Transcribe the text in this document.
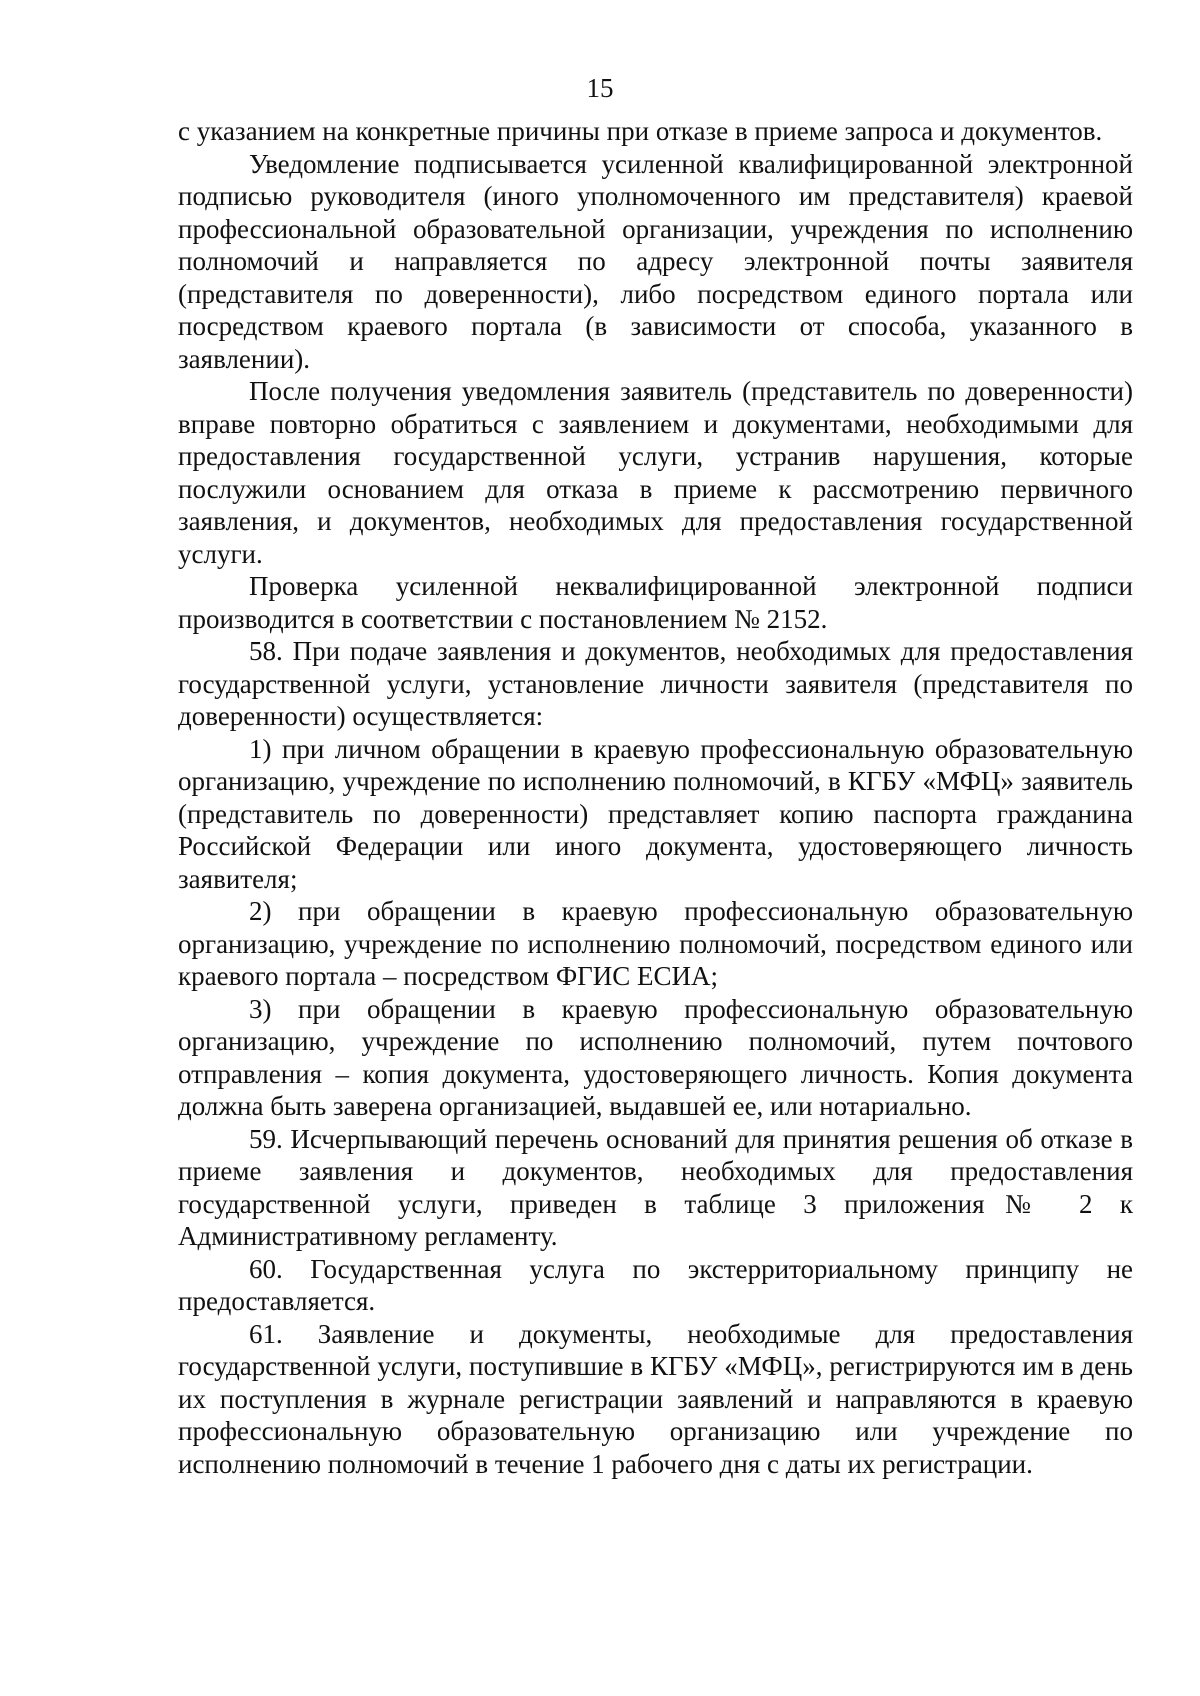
15

с указанием на конкретные причины при отказе в приеме запроса и документов.

Уведомление подписывается усиленной квалифицированной электронной подписью руководителя (иного уполномоченного им представителя) краевой профессиональной образовательной организации, учреждения по исполнению полномочий и направляется по адресу электронной почты заявителя (представителя по доверенности), либо посредством единого портала или посредством краевого портала (в зависимости от способа, указанного в заявлении).

После получения уведомления заявитель (представитель по доверенности) вправе повторно обратиться с заявлением и документами, необходимыми для предоставления государственной услуги, устранив нарушения, которые послужили основанием для отказа в приеме к рассмотрению первичного заявления, и документов, необходимых для предоставления государственной услуги.

Проверка усиленной неквалифицированной электронной подписи производится в соответствии с постановлением № 2152.

58. При подаче заявления и документов, необходимых для предоставления государственной услуги, установление личности заявителя (представителя по доверенности) осуществляется:

1) при личном обращении в краевую профессиональную образовательную организацию, учреждение по исполнению полномочий, в КГБУ «МФЦ» заявитель (представитель по доверенности) представляет копию паспорта гражданина Российской Федерации или иного документа, удостоверяющего личность заявителя;

2) при обращении в краевую профессиональную образовательную организацию, учреждение по исполнению полномочий, посредством единого или краевого портала – посредством ФГИС ЕСИА;

3) при обращении в краевую профессиональную образовательную организацию, учреждение по исполнению полномочий, путем почтового отправления – копия документа, удостоверяющего личность. Копия документа должна быть заверена организацией, выдавшей ее, или нотариально.

59. Исчерпывающий перечень оснований для принятия решения об отказе в приеме заявления и документов, необходимых для предоставления государственной услуги, приведен в таблице 3 приложения№ 2 к Административному регламенту.

60. Государственная услуга по экстерриториальному принципу не предоставляется.

61. Заявление и документы, необходимые для предоставления государственной услуги, поступившие в КГБУ «МФЦ», регистрируются им в день их поступления в журнале регистрации заявлений и направляются в краевую профессиональную образовательную организацию или учреждение по исполнению полномочий в течение 1 рабочего дня с даты их регистрации.
